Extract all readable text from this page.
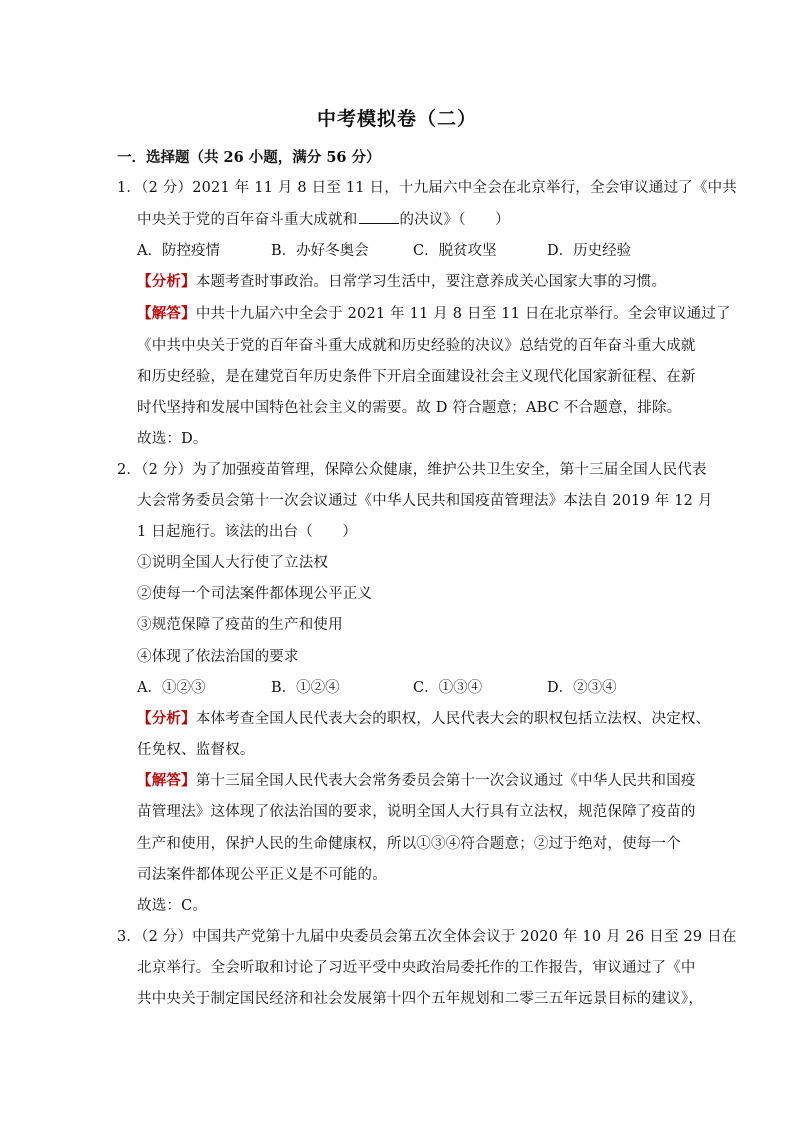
中考模拟卷（二）
一．选择题（共 26 小题，满分 56 分）
1．（2 分）2021 年 11 月 8 日至 11 日，十九届六中全会在北京举行，全会审议通过了《中共
中央关于党的百年奋斗重大成就和	的决议》（　　）
A．防控疫情	B．办好冬奥会	C．脱贫攻坚	D．历史经验
【分析】本题考查时事政治。日常学习生活中，要注意养成关心国家大事的习惯。
【解答】中共十九届六中全会于 2021 年 11 月 8 日至 11 日在北京举行。全会审议通过了
《中共中央关于党的百年奋斗重大成就和历史经验的决议》总结党的百年奋斗重大成就
和历史经验，是在建党百年历史条件下开启全面建设社会主义现代化国家新征程、在新
时代坚持和发展中国特色社会主义的需要。故 D 符合题意；ABC 不合题意，排除。
故选：D。
2．（2 分）为了加强疫苗管理，保障公众健康，维护公共卫生安全，第十三届全国人民代表
大会常务委员会第十一次会议通过《中华人民共和国疫苗管理法》本法自 2019 年 12 月
1 日起施行。该法的出台（　　）
①说明全国人大行使了立法权
②使每一个司法案件都体现公平正义
③规范保障了疫苗的生产和使用
④体现了依法治国的要求
A．①②③	B．①②④	C．①③④	D．②③④
【分析】本体考查全国人民代表大会的职权，人民代表大会的职权包括立法权、决定权、
任免权、监督权。
【解答】第十三届全国人民代表大会常务委员会第十一次会议通过《中华人民共和国疫
苗管理法》这体现了依法治国的要求，说明全国人大行具有立法权，规范保障了疫苗的
生产和使用，保护人民的生命健康权，所以①③④符合题意；②过于绝对，使每一个
司法案件都体现公平正义是不可能的。
故选：C。
3．（2 分）中国共产党第十九届中央委员会第五次全体会议于 2020 年 10 月 26 日至 29 日在
北京举行。全会听取和讨论了习近平受中央政治局委托作的工作报告，审议通过了《中
共中央关于制定国民经济和社会发展第十四个五年规划和二零三五年远景目标的建议》，
